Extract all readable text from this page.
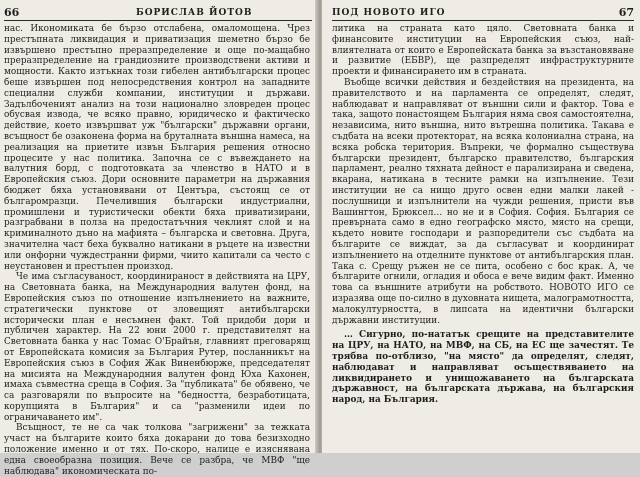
66	БОРИСЛАВ ЙОТОВ

нас. Икономиката бе бързо отслабена, омаломощена. Чрез престъпната ликвидация и приватизация шеметно бързо бе извършено престъпно преразпределение и още по-мащабно преразпределение на грандиозните производствени активи и мощности. Както изтъкнах този гибелен антибългарски процес беше извършен под непосредствения контрол на западните специални служби компании, институции и държави. Задълбоченият анализ на този национално зловреден процес обусвая извода, че всяко правно, юридическо и фактическо действие, което извършват уж "български" държавни органи, всъщност бе озаконена форма на бруталната външна намеса, на реализация на приетите извън България решения относно процесите у нас политика. Започна се с въвеждането на валутния борд, с подготовката за членство в НАТО и в Европейския съюз. Дори основните параметри на държавния бюджет бяха установявани от Центъра, състоящ се от българомразци. Печелившия български индустриални, промишлени и туристически обекти бяха приватизирани, разграбвани в полза на предостатъчния чеклият слой и на криминалното дъно на мафията – българска и световна. Друга, значителна част беха буквално натикани в ръцете на известни или онфорни чуждестранни фирми, чиито капитали са често с неустановен и престъпен произход.

Че има съгласуваност, координираност в действията на ЦРУ, на Световната банка, на Международния валутен фонд, на Европейския съюз по отношение изпълнението на важните, стратегически пунктове от зловещият антибългарски исторически план е несъмнен факт. Той придоби дори и публичен характер. На 22 юни 2000 г. представителят на Световната банка у нас Томас О'Брайън, главният преговарящ от Европейската комисия за България Рутер, посланникът на Европейския съюз в София Жак Виненбюрже, председателят на мисията на Международния валутен фонд Юха Кахонен, имаха съвместна среща в София. За "публиката" бе обявено, че са разговаряли по въпросите на "бедността, безработицата, корупцията в България" и са "разменили идеи по ограничаването им".

Всъщност, те не са чак толкова "загрижени" за тежката участ на българите които бяха докарани до това безизходно положение именно и от тях. По-скоро, налице е изяснявана една своеобразна позиция. Вече се разбра, че МВФ "ще наблюдава" икономическата по-

ПОД НОВОТО ИГО	67

литика на страната като цяло. Световната банка и финансовите институции на Европейския съюз, най-влиятелната от които е Европейската банка за възстановяване и развитие (ЕБВР), ще разпределят инфраструктурните проекти и финансирането им в страната.

Въобще всички действия и бездействия на президента, на правителството и на парламента се определят, следят, наблюдават и направляват от външни сили и фактор. Това е така, защото понастоящем България няма своя самостоятелна, независима, нито външна, нито вътрешна политика. Такава е съдбата на всеки протекторат, на всяка колониална страна, на всяка робска територия. Въпреки, че формално съществува български президент, българско правителство, българския парламент, реално тяхната дейност е парализирана и сведена, вкарана, натикана в тесните рамки на изпълнение. Тези институции не са нищо друго освен едни малки лакей - послушници и изпълнители на чужди решения, присти във Вашингтон, Брюксел… но не и в София. София. България се превърната само в едно географско място, място на срещи, където новите господари и разпоредители със съдбата на българите се виждат, за да съгласуват и координират изпълнението на отделните пунктове от антибългарския план. Така с. Срещу ръжен не се пита, особено с бос крак. А, че българите огнили, огладия и обоса е вече видим факт. Именно това са външните атрибути на робството. НОВОТО ИГО се изразява още по-силно в духовната нищета, малограмотността, малокултурността, в липсата на идентични български държавни институции.

… Сигурно, по-нататък срещите на представителите на ЦРУ, на НАТО, на МВФ, на СБ, на ЕС ще зачестят. Те трябва по-отблизо, "на място" да определят, следят, наблюдават и направляват осъществяването на ликвидирането и унищожаването на българската държавност, на българската държава, на българския народ, на България.
